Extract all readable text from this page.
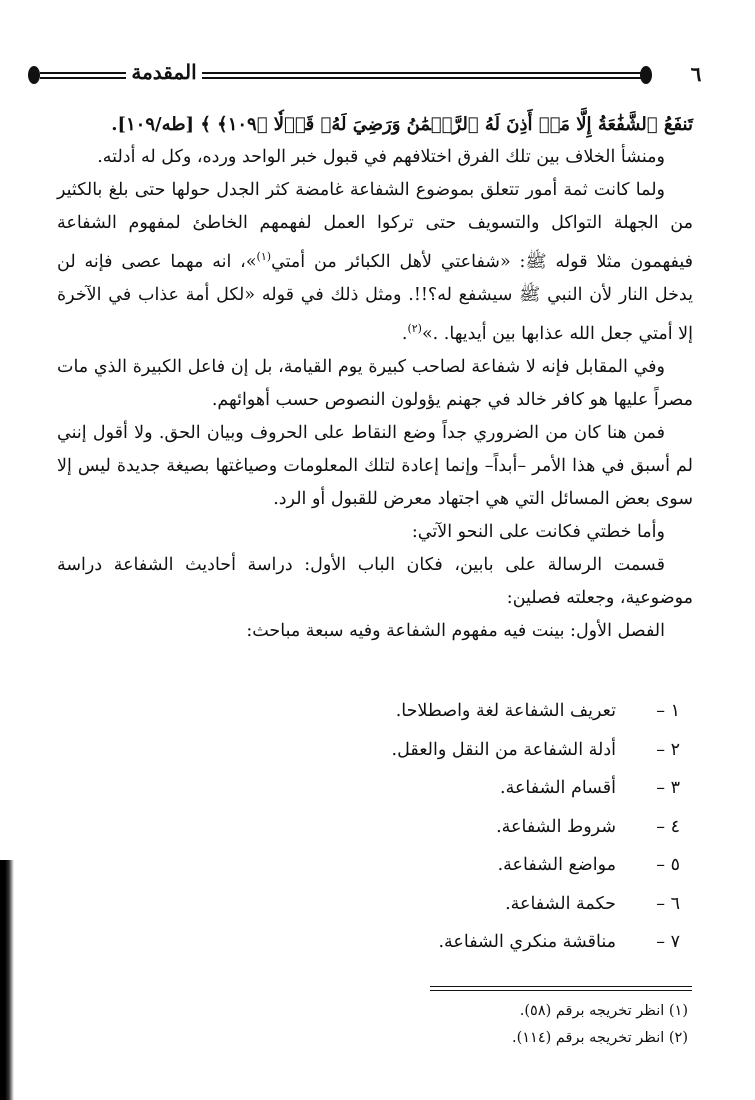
المقدمة	٦

تَنفَعُ ٱلشَّفَٰعَةُ إِلَّا مَنۡ أَذِنَ لَهُ ٱلرَّحۡمَٰنُ وَرَضِيَ لَهُۥ قَوۡلٗا ﴿١٠٩﴾ ﴾ [طه/١٠٩].

ومنشأ الخلاف بين تلك الفرق اختلافهم في قبول خبر الواحد ورده، وكل له أدلته.

ولما كانت ثمة أمور تتعلق بموضوع الشفاعة غامضة كثر الجدل حولها حتى بلغ بالكثير من الجهلة التواكل والتسويف حتى تركوا العمل لفهمهم الخاطئ لمفهوم الشفاعة فيفهمون مثلا قوله ﷺ: «شفاعتي لأهل الكبائر من أمتي$^{(١)}$»، انه مهما عصى فإنه لن يدخل النار لأن النبي ﷺ سيشفع له؟!!. ومثل ذلك في قوله «لكل أمة عذاب في الآخرة إلا أمتي جعل الله عذابها بين أيديها. .»$^{(٢)}$.

وفي المقابل فإنه لا شفاعة لصاحب كبيرة يوم القيامة، بل إن فاعل الكبيرة الذي مات مصراً عليها هو كافر خالد في جهنم يؤولون النصوص حسب أهوائهم.

فمن هنا كان من الضروري جداً وضع النقاط على الحروف وبيان الحق. ولا أقول إنني لم أسبق في هذا الأمر –أبداً– وإنما إعادة لتلك المعلومات وصياغتها بصيغة جديدة ليس إلا سوى بعض المسائل التي هي اجتهاد معرض للقبول أو الرد.

وأما خطتي فكانت على النحو الآتي:

قسمت الرسالة على بابين، فكان الباب الأول: دراسة أحاديث الشفاعة دراسة موضوعية، وجعلته فصلين:

الفصل الأول: بينت فيه مفهوم الشفاعة وفيه سبعة مباحث:

١ –
تعريف الشفاعة لغة واصطلاحا.
٢ –
أدلة الشفاعة من النقل والعقل.
٣ –
أقسام الشفاعة.
٤ –
شروط الشفاعة.
٥ –
مواضع الشفاعة.
٦ –
حكمة الشفاعة.
٧ –
مناقشة منكري الشفاعة.

(١) انظر تخريجه برقم (٥٨).

(٢) انظر تخريجه برقم (١١٤).
